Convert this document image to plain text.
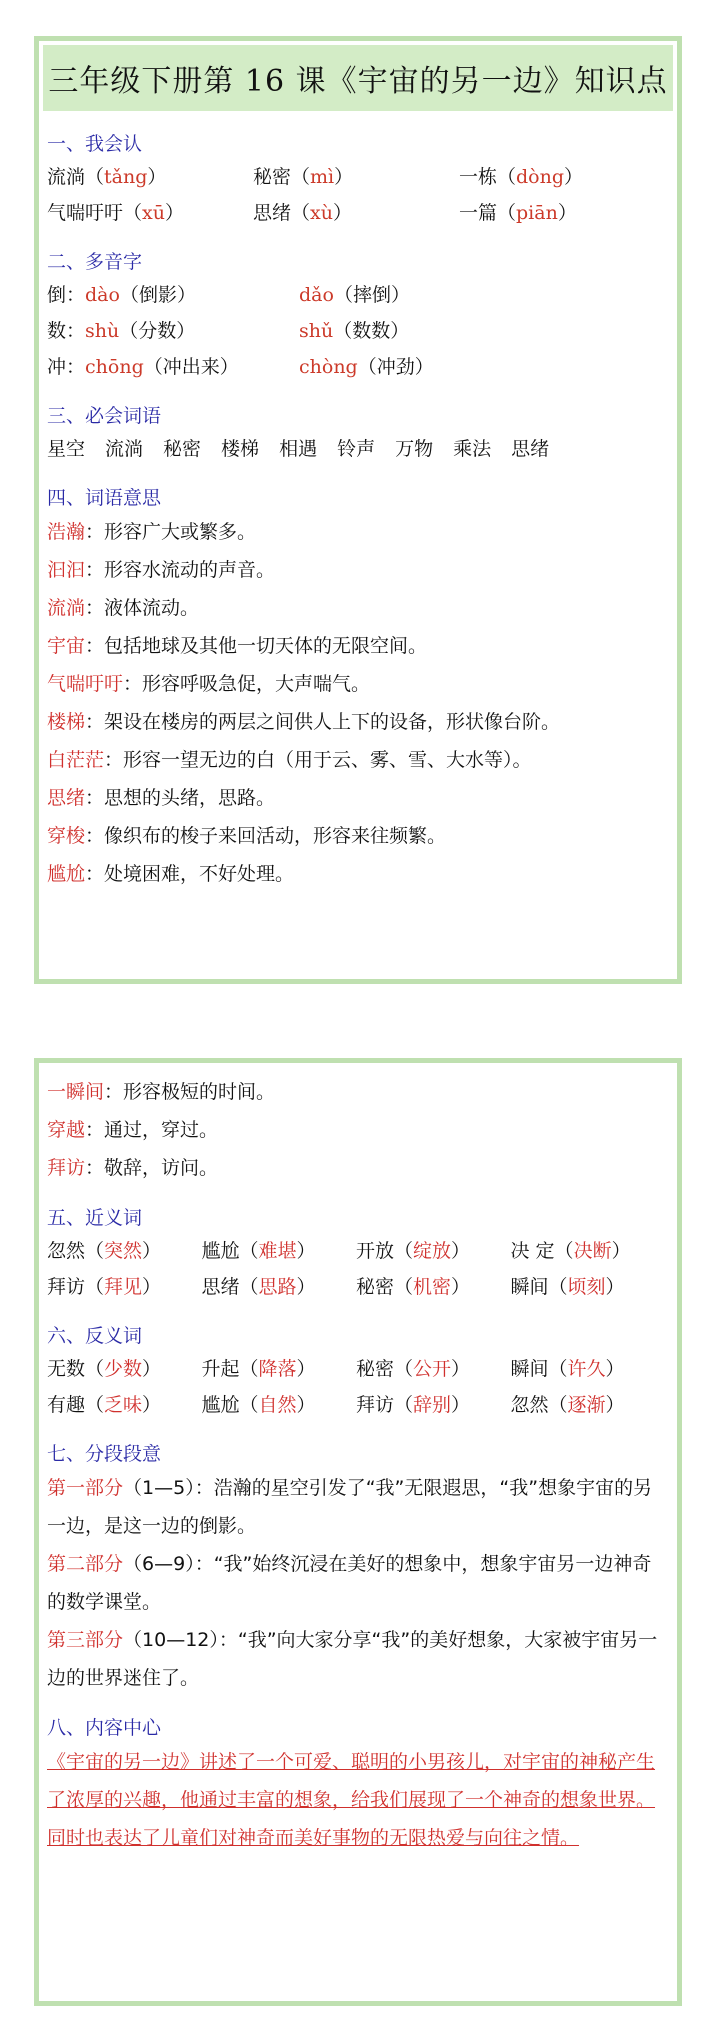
三年级下册第 16 课《宇宙的另一边》知识点
一、我会认
流淌（tǎng）	秘密（mì）	一栋（dòng）
气喘吁吁（xū）	思绪（xù）	一篇（piān）
二、多音字
倒：dào（倒影）	dǎo（摔倒）
数：shù（分数）	shǔ（数数）
冲：chōng（冲出来）	chòng（冲劲）
三、必会词语
星空 流淌 秘密 楼梯 相遇 铃声 万物 乘法 思绪
四、词语意思
浩瀚：形容广大或繁多。
汩汩：形容水流动的声音。
流淌：液体流动。
宇宙：包括地球及其他一切天体的无限空间。
气喘吁吁：形容呼吸急促，大声喘气。
楼梯：架设在楼房的两层之间供人上下的设备，形状像台阶。
白茫茫：形容一望无边的白（用于云、雾、雪、大水等）。
思绪：思想的头绪，思路。
穿梭：像织布的梭子来回活动，形容来往频繁。
尴尬：处境困难，不好处理。
一瞬间：形容极短的时间。
穿越：通过，穿过。
拜访：敬辞，访问。
五、近义词
忽然（突然）	尴尬（难堪）	开放（绽放）	决 定（决断）
拜访（拜见）	思绪（思路）	秘密（机密）	瞬间（顷刻）
六、反义词
无数（少数）	升起（降落）	秘密（公开）	瞬间（许久）
有趣（乏味）	尴尬（自然）	拜访（辞别）	忽然（逐渐）
七、分段段意
第一部分（1—5）：浩瀚的星空引发了“我”无限遐思，“我”想象宇宙的另一边，是这一边的倒影。
第二部分（6—9）：“我”始终沉浸在美好的想象中，想象宇宙另一边神奇的数学课堂。
第三部分（10—12）：“我”向大家分享“我”的美好想象，大家被宇宙另一边的世界迷住了。
八、内容中心
《宇宙的另一边》讲述了一个可爱、聪明的小男孩儿，对宇宙的神秘产生了浓厚的兴趣，他通过丰富的想象，给我们展现了一个神奇的想象世界。同时也表达了儿童们对神奇而美好事物的无限热爱与向往之情。
